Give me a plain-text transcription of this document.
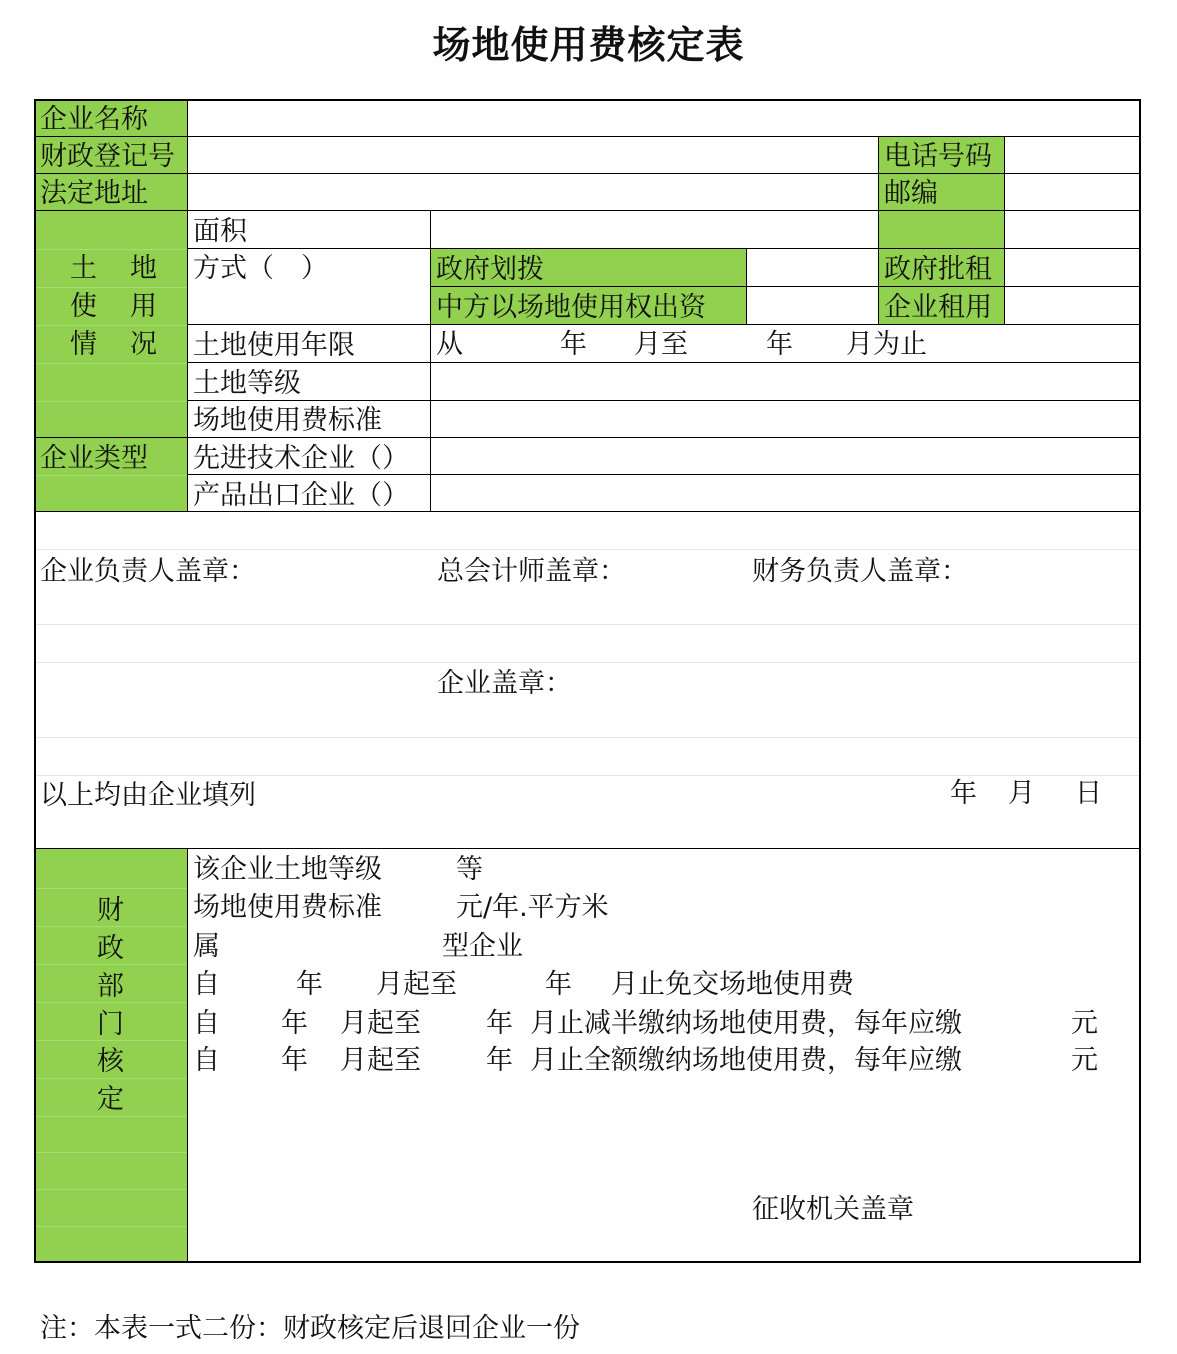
场地使用费核定表
企业名称
财政登记号	电话号码
法定地址	邮编
土　地
使　用
情　况
面积
方式（　）	政府划拨	政府批租
中方以场地使用权出资	企业租用
土地使用年限	从	年 月至	年 月为止
土地等级
场地使用费标准
企业类型 先进技术企业（）
产品出口企业（）
企业负责人盖章：	总会计师盖章：	财务负责人盖章：
企业盖章：
以上均由企业填列	年 月 日
财
政
部
门
核
定
该企业土地等级	等
场地使用费标准	元/年.平方米
属	型企业
自	年 月起至	年 月止免交场地使用费
自 年 月起至 年 月止减半缴纳场地使用费，每年应缴	元
自 年 月起至 年 月止全额缴纳场地使用费，每年应缴	元
征收机关盖章
注：本表一式二份：财政核定后退回企业一份
